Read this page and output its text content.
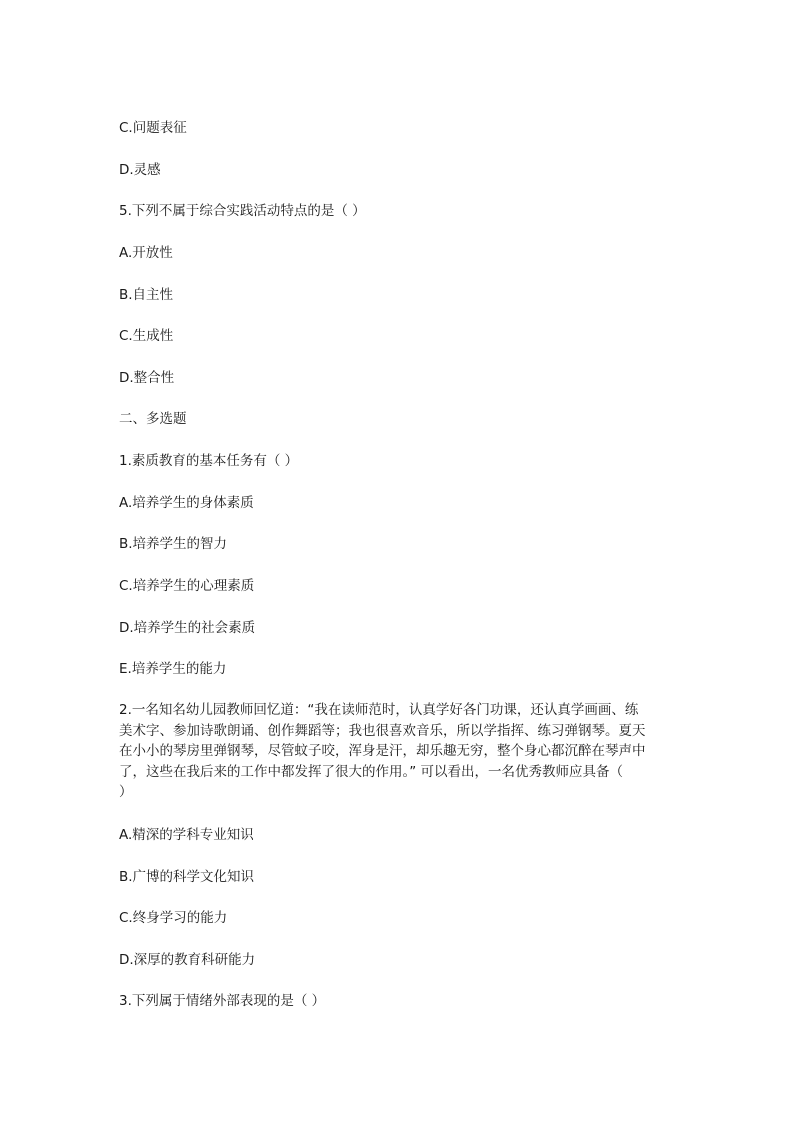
C.问题表征
D.灵感
5.下列不属于综合实践活动特点的是（ ）
A.开放性
B.自主性
C.生成性
D.整合性
二、多选题
1.素质教育的基本任务有（ ）
A.培养学生的身体素质
B.培养学生的智力
C.培养学生的心理素质
D.培养学生的社会素质
E.培养学生的能力
2.一名知名幼儿园教师回忆道：“我在读师范时，认真学好各门功课，还认真学画画、练
美术字、参加诗歌朗诵、创作舞蹈等；我也很喜欢音乐，所以学指挥、练习弹钢琴。夏天
在小小的琴房里弹钢琴，尽管蚊子咬，浑身是汗，却乐趣无穷，整个身心都沉醉在琴声中
了，这些在我后来的工作中都发挥了很大的作用。” 可以看出，一名优秀教师应具备（
）
A.精深的学科专业知识
B.广博的科学文化知识
C.终身学习的能力
D.深厚的教育科研能力
3.下列属于情绪外部表现的是（ ）
